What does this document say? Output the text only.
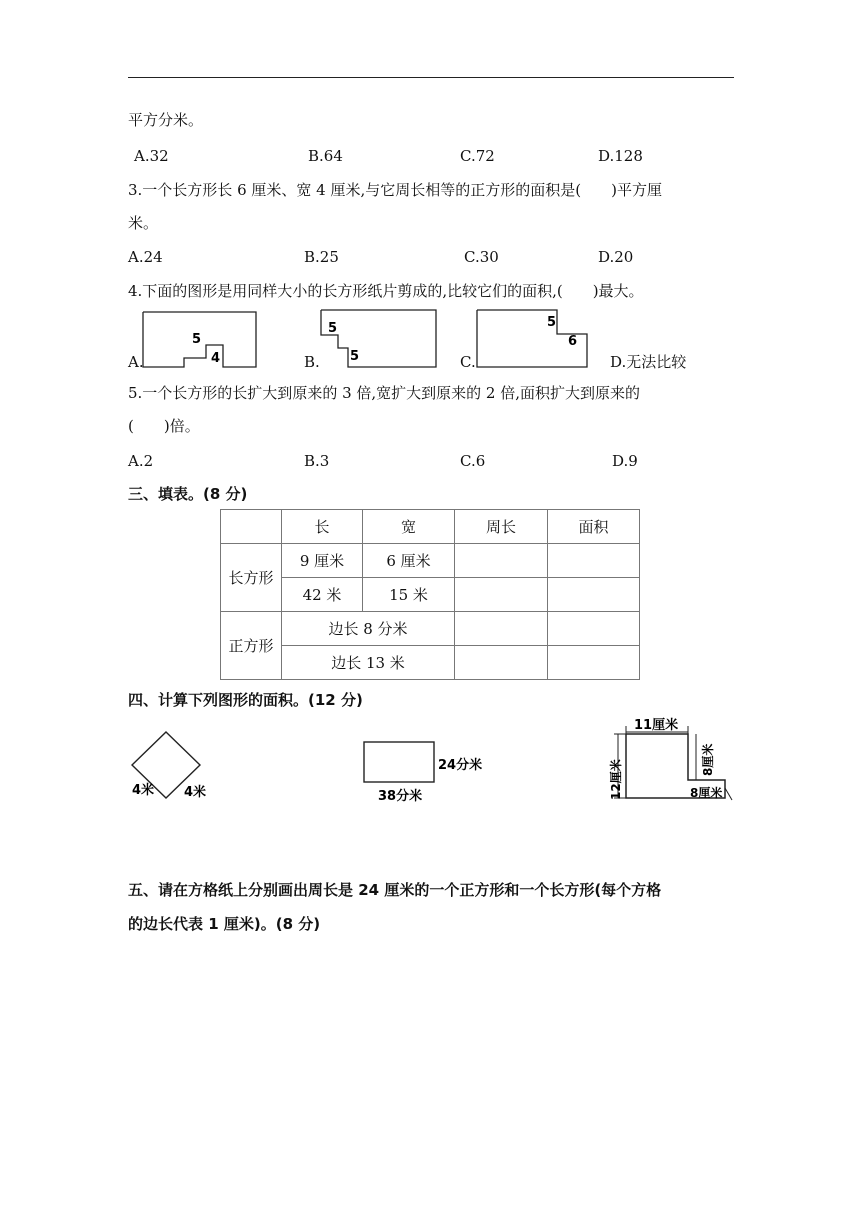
平方分米。
A.32	B.64	C.72	D.128
3.一个长方形长 6 厘米、宽 4 厘米,与它周长相等的正方形的面积是(　　)平方厘
米。
A.24	B.25	C.30	D.20
4.下面的图形是用同样大小的长方形纸片剪成的,比较它们的面积,(　　)最大。
A.
5
4	B.
5
5	C.
5
6
D.无法比较
5.一个长方形的长扩大到原来的 3 倍,宽扩大到原来的 2 倍,面积扩大到原来的
(　　)倍。
A.2	B.3	C.6	D.9
三、填表。(8 分)
	长	宽	周长	面积
长方形	9 厘米	6 厘米		
	42 米	15 米		
正方形	边长 8 分米			
	边长 13 米			
四、计算下列图形的面积。(12 分)
4米 4米
24分米
38分米
11厘米
12厘米	8厘米
8厘米
五、请在方格纸上分别画出周长是 24 厘米的一个正方形和一个长方形(每个方格
的边长代表 1 厘米)。(8 分)
